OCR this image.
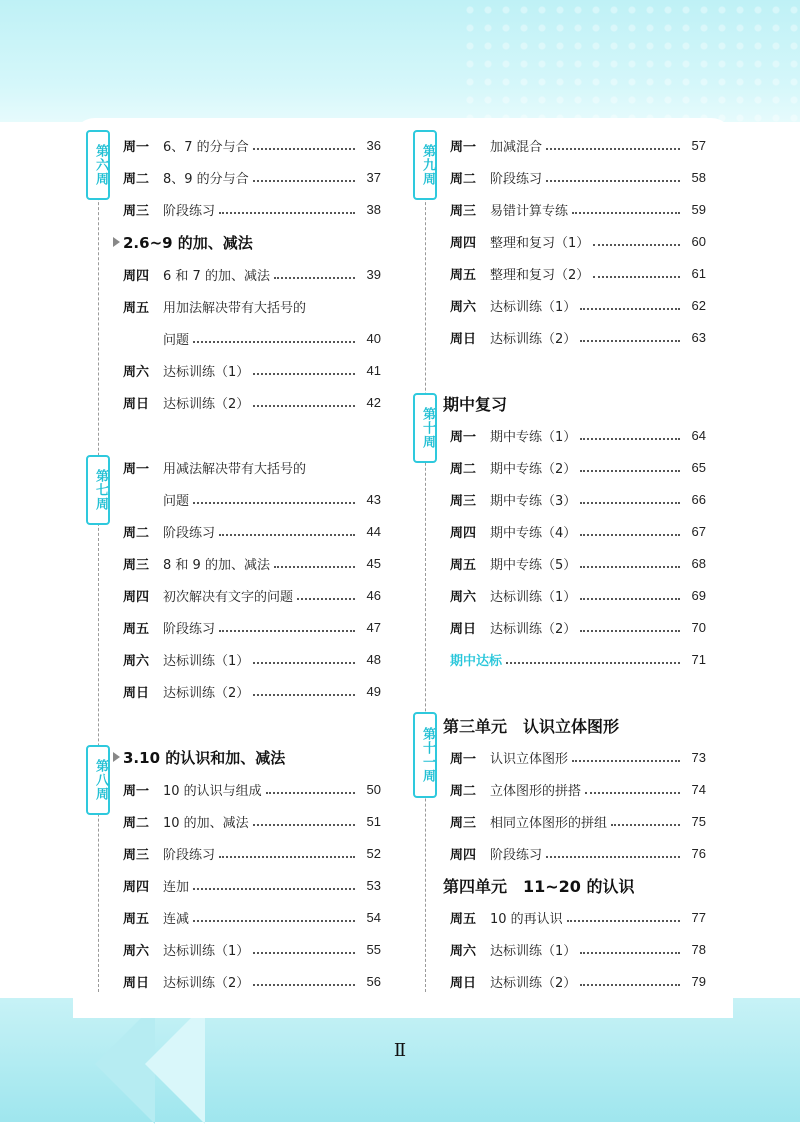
第六周
第七周
第八周
周一	6、7 的分与合	36
周二	8、9 的分与合	37
周三	阶段练习	38
2.6~9 的加、减法
周四	6 和 7 的加、减法	39
周五	用加法解决带有大括号的
问题	40
周六	达标训练（1）	41
周日	达标训练（2）	42
周一	用减法解决带有大括号的
问题	43
周二	阶段练习	44
周三	8 和 9 的加、减法	45
周四	初次解决有文字的问题	46
周五	阶段练习	47
周六	达标训练（1）	48
周日	达标训练（2）	49
3.10 的认识和加、减法
周一	10 的认识与组成	50
周二	10 的加、减法	51
周三	阶段练习	52
周四	连加	53
周五	连减	54
周六	达标训练（1）	55
周日	达标训练（2）	56
第九周
第十周
第十一周
周一	加减混合	57
周二	阶段练习	58
周三	易错计算专练	59
周四	整理和复习（1）	60
周五	整理和复习（2）	61
周六	达标训练（1）	62
周日	达标训练（2）	63
期中复习
周一	期中专练（1）	64
周二	期中专练（2）	65
周三	期中专练（3）	66
周四	期中专练（4）	67
周五	期中专练（5）	68
周六	达标训练（1）	69
周日	达标训练（2）	70
期中达标	71
第三单元　认识立体图形
周一	认识立体图形	73
周二	立体图形的拼搭	74
周三	相同立体图形的拼组	75
周四	阶段练习	76
第四单元　11~20 的认识
周五	10 的再认识	77
周六	达标训练（1）	78
周日	达标训练（2）	79
Ⅱ
